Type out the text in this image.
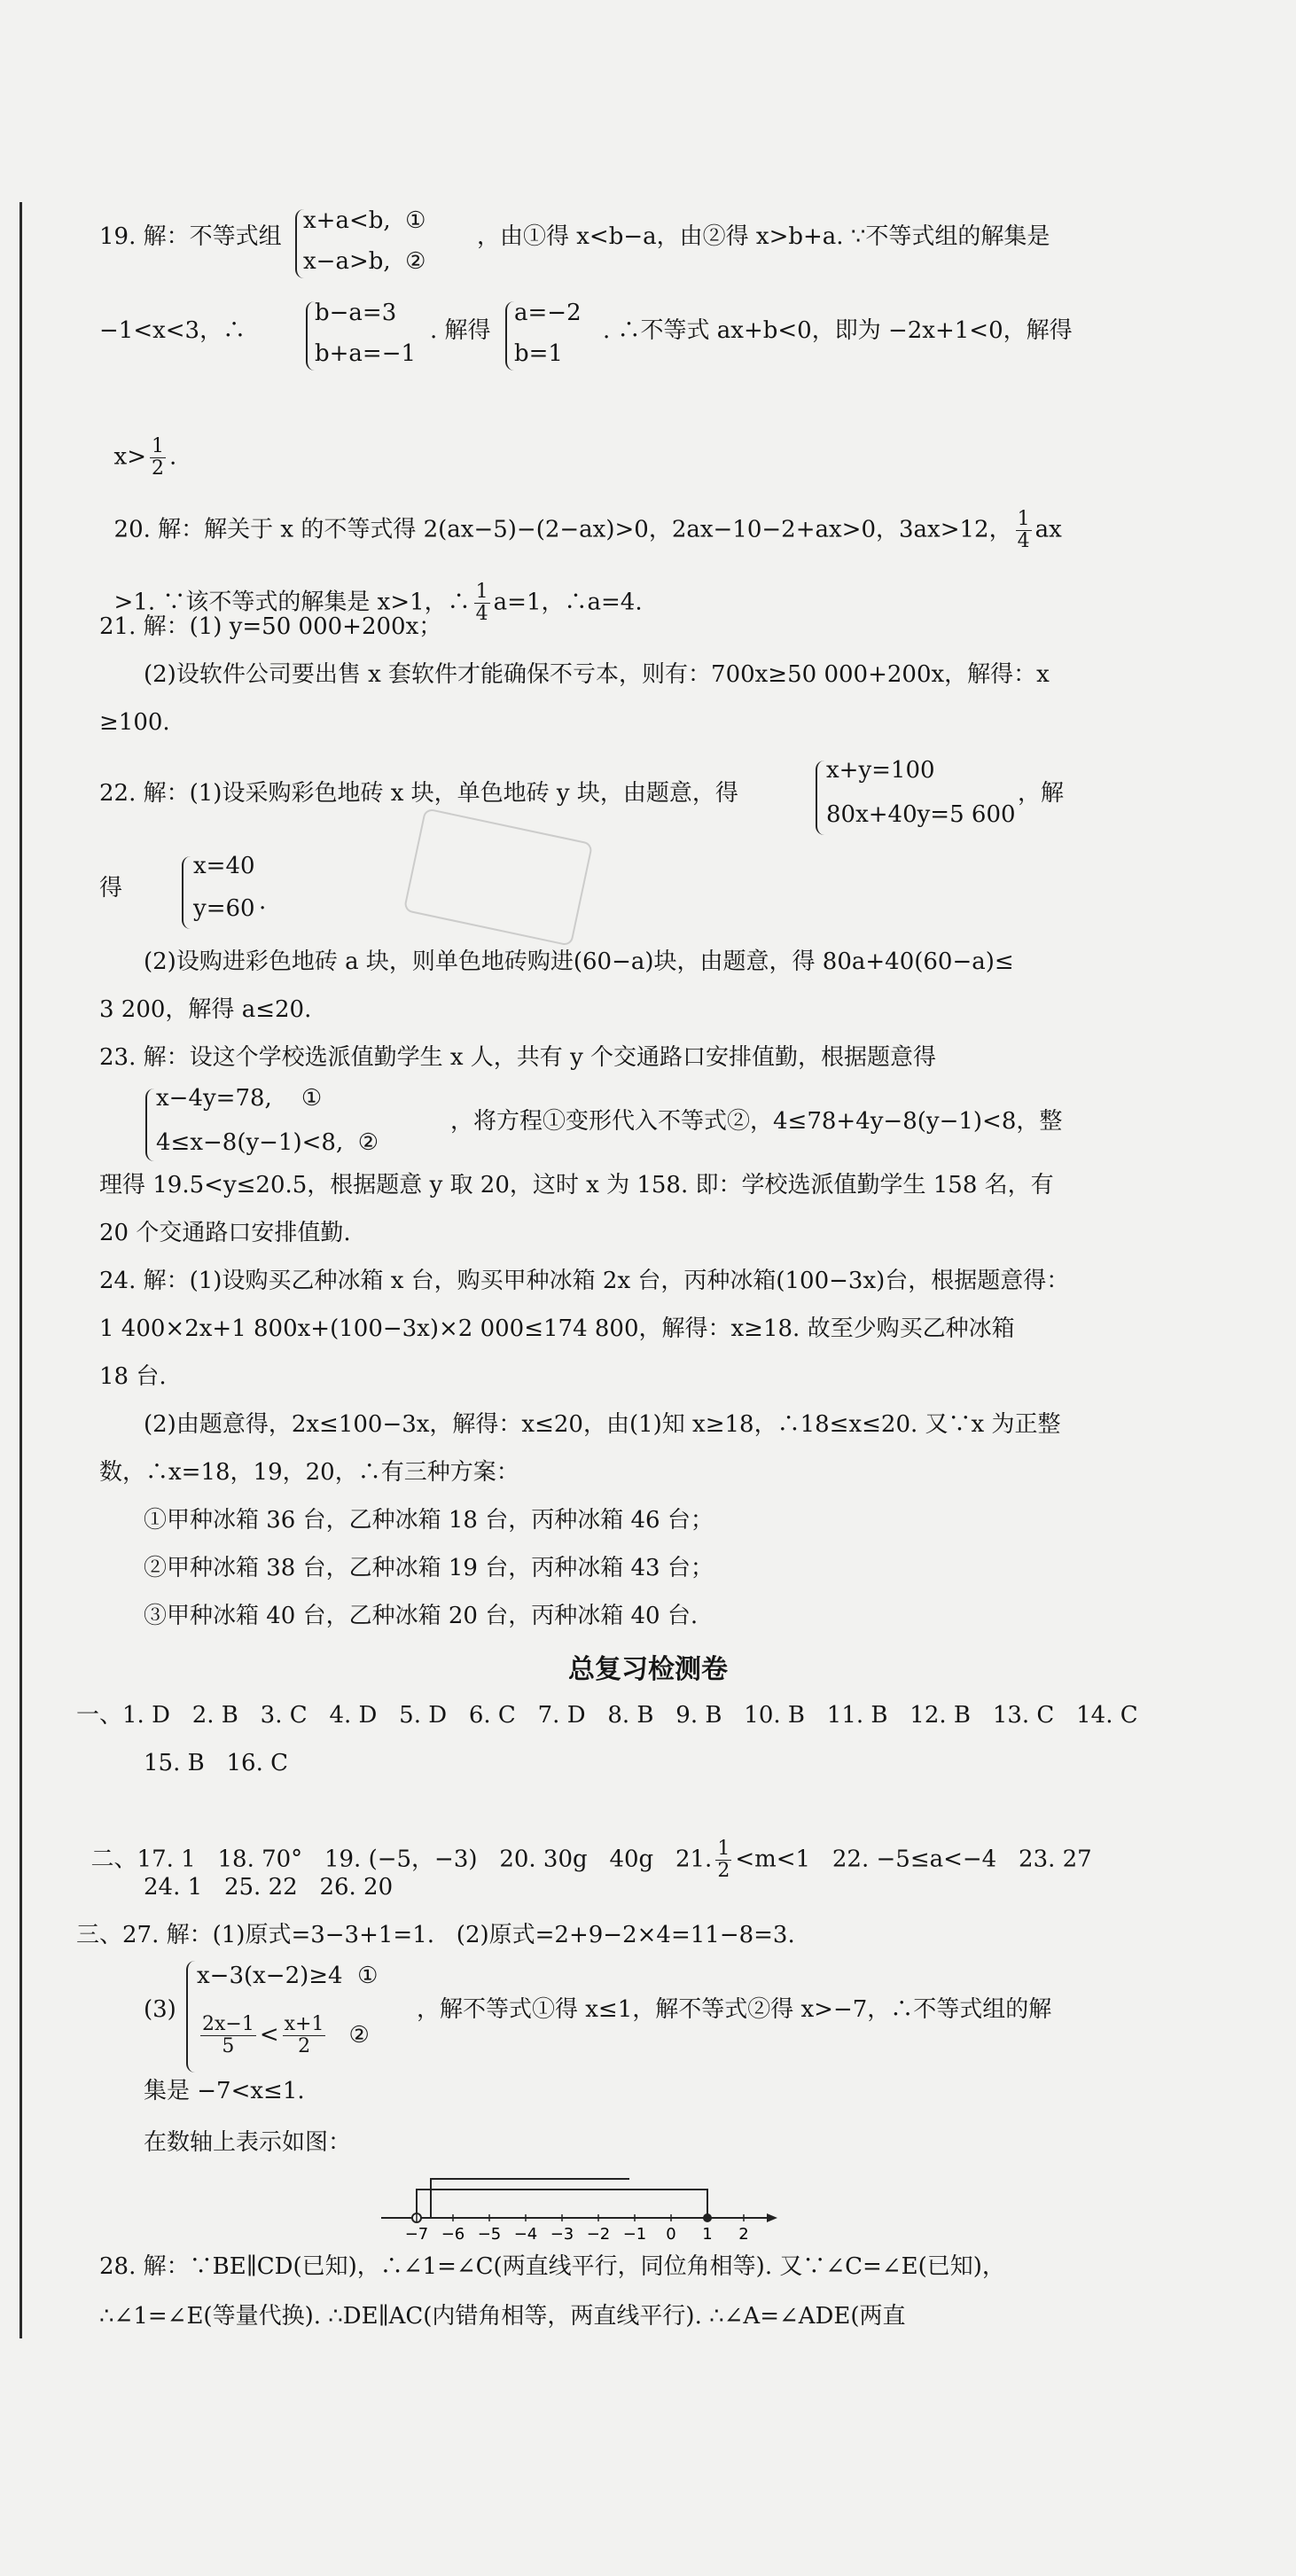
19. 解：不等式组
x+a<b,  ①
x−a>b,  ②
，由①得 x<b−a，由②得 x>b+a. ∵不等式组的解集是
−1<x<3，∴
b−a=3
b+a=−1
. 解得
a=−2
b=1
. ∴不等式 ax+b<0，即为 −2x+1<0，解得

$x> \frac{1}{2}$ .

20. 解：解关于 x 的不等式得 2(ax−5)−(2−ax)>0，2ax−10−2+ax>0，3ax>12， $\frac{1}{4}$ ax

>1. ∵该不等式的解集是 x>1，∴ $\frac{1}{4} a=1$，∴a=4.

21. 解：(1) y=50 000+200x；
(2)设软件公司要出售 x 套软件才能确保不亏本，则有：700x≥50 000+200x，解得：x
≥100.
22. 解：(1)设采购彩色地砖 x 块，单色地砖 y 块，由题意，得
x+y=100
80x+40y=5 600
，解
得
x=40
y=60 .
(2)设购进彩色地砖 a 块，则单色地砖购进(60−a)块，由题意，得 80a+40(60−a)≤
3 200，解得 a≤20.
23. 解：设这个学校选派值勤学生 x 人，共有 y 个交通路口安排值勤，根据题意得
x−4y=78,    ①
4≤x−8(y−1)<8,  ②
，将方程①变形代入不等式②，4≤78+4y−8(y−1)<8，整
理得 19.5<y≤20.5，根据题意 y 取 20，这时 x 为 158. 即：学校选派值勤学生 158 名，有
20 个交通路口安排值勤.
24. 解：(1)设购买乙种冰箱 x 台，购买甲种冰箱 2x 台，丙种冰箱(100−3x)台，根据题意得：
1 400×2x+1 800x+(100−3x)×2 000≤174 800，解得：x≥18. 故至少购买乙种冰箱
18 台.
(2)由题意得，2x≤100−3x，解得：x≤20，由(1)知 x≥18，∴18≤x≤20. 又∵x 为正整
数，∴x=18，19，20，∴有三种方案：
①甲种冰箱 36 台，乙种冰箱 18 台，丙种冰箱 46 台；
②甲种冰箱 38 台，乙种冰箱 19 台，丙种冰箱 43 台；
③甲种冰箱 40 台，乙种冰箱 20 台，丙种冰箱 40 台.
总复习检测卷
一、1. D   2. B   3. C   4. D   5. D   6. C   7. D   8. B   9. B   10. B   11. B   12. B   13. C   14. C
15. B   16. C

二、17. 1   18. 70°   19. (−5，−3)   20. 30g   40g   21. $\frac{1}{2} <m<1$   22. −5≤a<−4   23. 27

24. 1   25. 22   26. 20
三、27. 解：(1)原式=3−3+1=1.   (2)原式=2+9−2×4=11−8=3.
(3)
x−3(x−2)≥4  ①
$\frac{2x-1}{5} < \frac{x+1}{2}$ ②
，解不等式①得 x≤1，解不等式②得 x>−7，∴不等式组的解
集是 −7<x≤1.
在数轴上表示如图：
−7 −6 −5 −4 −3 −2 −1 0 1 2
28. 解：∵BE∥CD(已知)，∴∠1=∠C(两直线平行，同位角相等). 又∵∠C=∠E(已知)，
∴∠1=∠E(等量代换). ∴DE∥AC(内错角相等，两直线平行). ∴∠A=∠ADE(两直
